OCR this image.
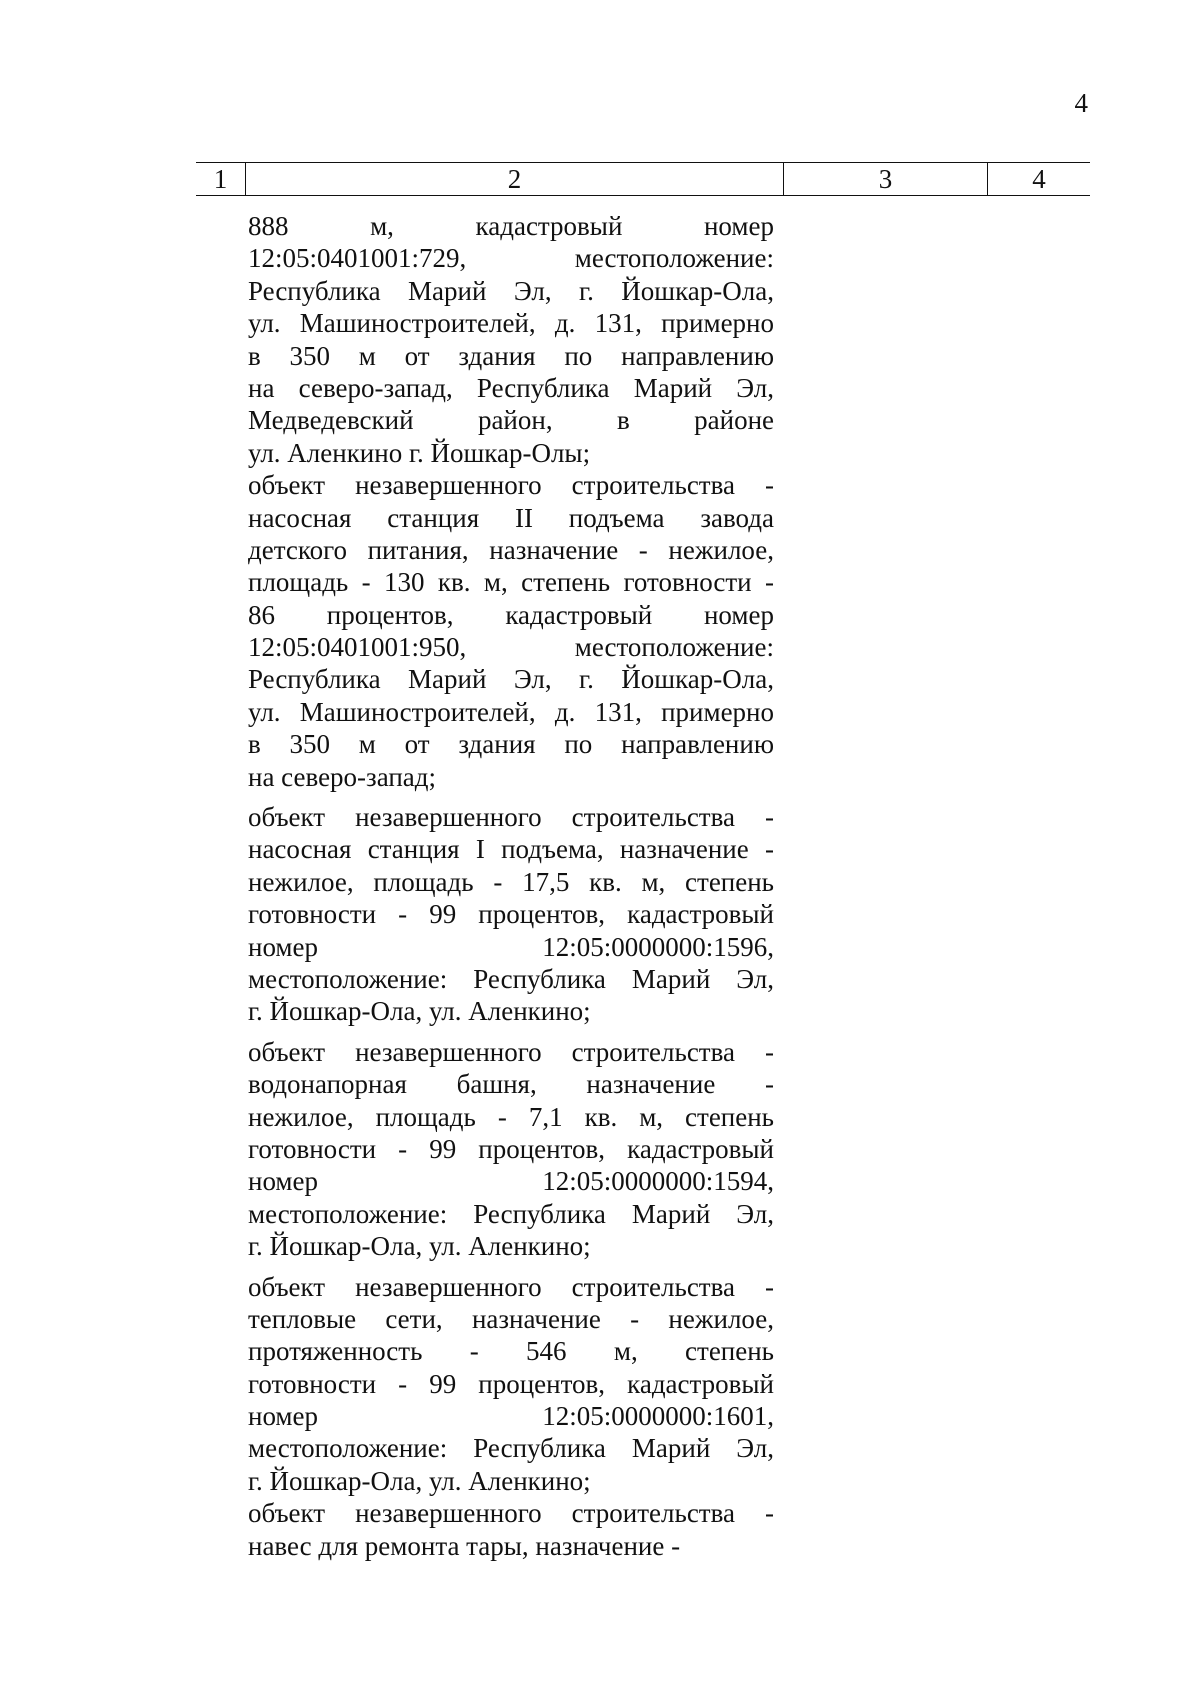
4
1	2	3	4
888 м, кадастровый номер
12:05:0401001:729, местоположение:
Республика Марий Эл, г. Йошкар-Ола,
ул. Машиностроителей, д. 131, примерно
в 350 м от здания по направлению
на северо-запад, Республика Марий Эл,
Медведевский район, в районе
ул. Аленкино г. Йошкар-Олы;
объект незавершенного строительства -
насосная станция II подъема завода
детского питания, назначение - нежилое,
площадь - 130 кв. м, степень готовности -
86 процентов, кадастровый номер
12:05:0401001:950, местоположение:
Республика Марий Эл, г. Йошкар-Ола,
ул. Машиностроителей, д. 131, примерно
в 350 м от здания по направлению
на северо-запад;
объект незавершенного строительства -
насосная станция I подъема, назначение -
нежилое, площадь - 17,5 кв. м, степень
готовности - 99 процентов, кадастровый
номер 12:05:0000000:1596,
местоположение: Республика Марий Эл,
г. Йошкар-Ола, ул. Аленкино;
объект незавершенного строительства -
водонапорная башня, назначение -
нежилое, площадь - 7,1 кв. м, степень
готовности - 99 процентов, кадастровый
номер 12:05:0000000:1594,
местоположение: Республика Марий Эл,
г. Йошкар-Ола, ул. Аленкино;
объект незавершенного строительства -
тепловые сети, назначение - нежилое,
протяженность - 546 м, степень
готовности - 99 процентов, кадастровый
номер 12:05:0000000:1601,
местоположение: Республика Марий Эл,
г. Йошкар-Ола, ул. Аленкино;
объект незавершенного строительства -
навес для ремонта тары, назначение -
